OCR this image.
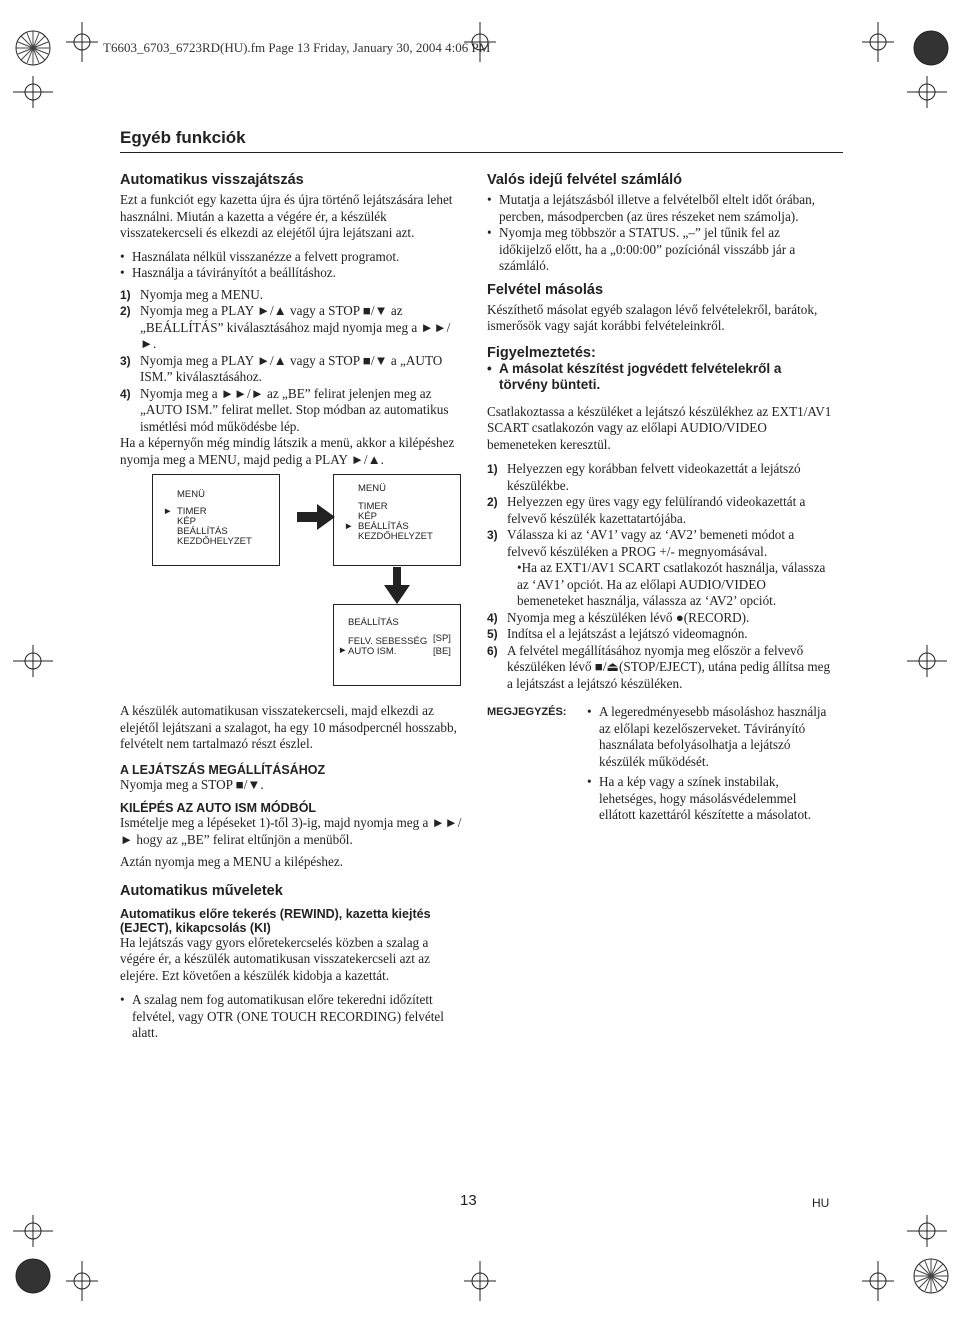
T6603_6703_6723RD(HU).fm Page 13 Friday, January 30, 2004 4:06 PM
Egyéb funkciók
Automatikus visszajátszás

Ezt a funkciót egy kazetta újra és újra történő lejátszására lehet használni. Miután a kazetta a végére ér, a készülék visszatekercseli és elkezdi az elejétől újra lejátszani azt.

• Használata nélkül visszanézze a felvett programot.
• Használja a távirányítót a beállításhoz.
1) Nyomja meg a MENU.
2) Nyomja meg a PLAY ►/▲ vagy a STOP ■/▼ az „BEÁLLÍTÁS” kiválasztásához majd nyomja meg a ►►/►.
3) Nyomja meg a PLAY ►/▲ vagy a STOP ■/▼ a „AUTO ISM.” kiválasztásához.
4) Nyomja meg a ►►/► az „BE” felirat jelenjen meg az „AUTO ISM.” felirat mellet. Stop módban az automatikus ismétlési mód működésbe lép.

Ha a képernyőn még mindig látszik a menü, akkor a kilépéshez nyomja meg a MENU, majd pedig a PLAY ►/▲.

MENÜ
► TIMER
KÉP
BEÁLLÍTÁS
KEZDŐHELYZET
MENÜ
TIMER
KÉP
► BEÁLLÍTÁS
KEZDŐHELYZET
BEÁLLÍTÁS
FELV. SEBESSÉG [SP]
► AUTO ISM.	[BE]

A készülék automatikusan visszatekercseli, majd elkezdi az elejétől lejátszani a szalagot, ha egy 10 másodpercnél hosszabb, felvételt nem tartalmazó részt észlel.

A LEJÁTSZÁS MEGÁLLÍTÁSÁHOZ

Nyomja meg a STOP ■/▼.

KILÉPÉS AZ AUTO ISM MÓDBÓL

Ismételje meg a lépéseket 1)-től 3)-ig, majd nyomja meg a ►►/► hogy az „BE” felirat eltűnjön a menüből.

Aztán nyomja meg a MENU a kilépéshez.

Automatikus műveletek
Automatikus előre tekerés (REWIND), kazetta kiejtés (EJECT), kikapcsolás (KI)

Ha lejátszás vagy gyors előretekercselés közben a szalag a végére ér, a készülék automatikusan visszatekercseli azt az elejére. Ezt követően a készülék kidobja a kazettát.

• A szalag nem fog automatikusan előre tekeredni időzített felvétel, vagy OTR (ONE TOUCH RECORDING) felvétel alatt.
Valós idejű felvétel számláló
• Mutatja a lejátszásból illetve a felvételből eltelt időt órában, percben, másodpercben (az üres részeket nem számolja).
• Nyomja meg többször a STATUS. „–” jel tűnik fel az időkijelző előtt, ha a „0:00:00” pozíciónál visszább jár a számláló.
Felvétel másolás

Készíthető másolat egyéb szalagon lévő felvételekről, barátok, ismerősök vagy saját korábbi felvételeinkről.

Figyelmeztetés:
• A másolat készítést jogvédett felvételekről a törvény bünteti.

Csatlakoztassa a készüléket a lejátszó készülékhez az EXT1/AV1 SCART csatlakozón vagy az előlapi AUDIO/VIDEO bemeneteken keresztül.

1) Helyezzen egy korábban felvett videokazettát a lejátszó készülékbe.
2) Helyezzen egy üres vagy egy felülírandó videokazettát a felvevő készülék kazettatartójába.
3) Válassza ki az ‘AV1’ vagy az ‘AV2’ bemeneti módot a felvevő készüléken a PROG +/- megnyomásával.
•Ha az EXT1/AV1 SCART csatlakozót használja, válassza az ‘AV1’ opciót. Ha az előlapi AUDIO/VIDEO bemeneteket használja, válassza az ‘AV2’ opciót.
4) Nyomja meg a készüléken lévő ●(RECORD).
5) Indítsa el a lejátszást a lejátszó videomagnón.
6) A felvétel megállításához nyomja meg először a felvevő készüléken lévő ■/⏏(STOP/EJECT), utána pedig állítsa meg a lejátszást a lejátszó készüléken.
MEGJEGYZÉS:	• A legeredményesebb másoláshoz használja az előlapi kezelőszerveket. Távirányító használata befolyásolhatja a lejátszó készülék működését.
• Ha a kép vagy a színek instabilak, lehetséges, hogy másolásvédelemmel ellátott kazettáról készítette a másolatot.
13	HU
